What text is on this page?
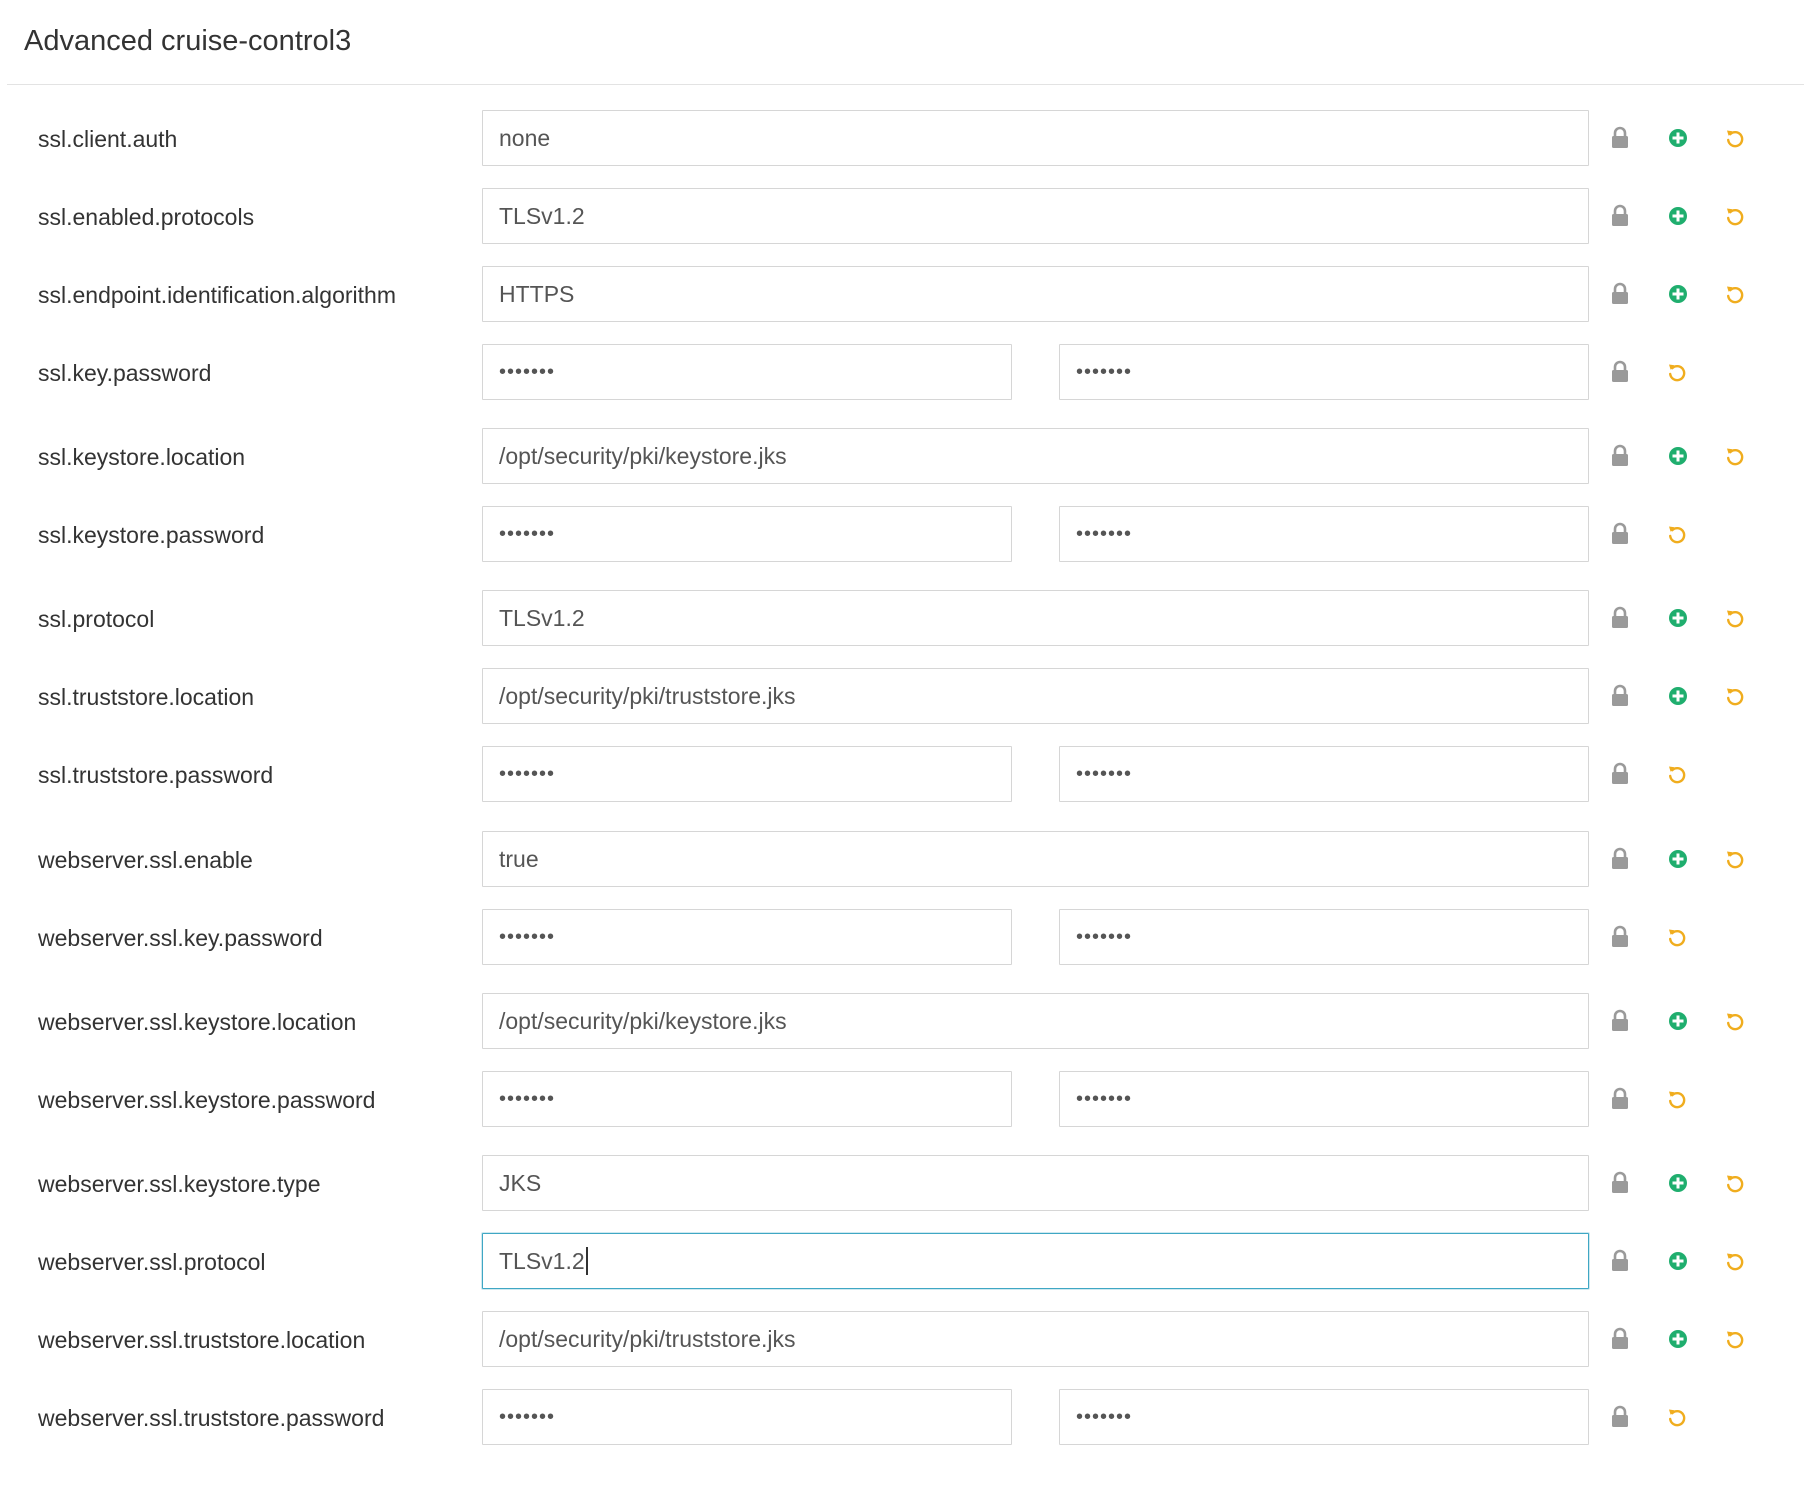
Advanced cruise-control3
ssl.client.auth	none
ssl.enabled.protocols	TLSv1.2
ssl.endpoint.identification.algorithm	HTTPS
ssl.key.password	•••••••	•••••••
ssl.keystore.location	/opt/security/pki/keystore.jks
ssl.keystore.password	•••••••	•••••••
ssl.protocol	TLSv1.2
ssl.truststore.location	/opt/security/pki/truststore.jks
ssl.truststore.password	•••••••	•••••••
webserver.ssl.enable	true
webserver.ssl.key.password	•••••••	•••••••
webserver.ssl.keystore.location	/opt/security/pki/keystore.jks
webserver.ssl.keystore.password	•••••••	•••••••
webserver.ssl.keystore.type	JKS
webserver.ssl.protocol	TLSv1.2
webserver.ssl.truststore.location	/opt/security/pki/truststore.jks
webserver.ssl.truststore.password	•••••••	•••••••
